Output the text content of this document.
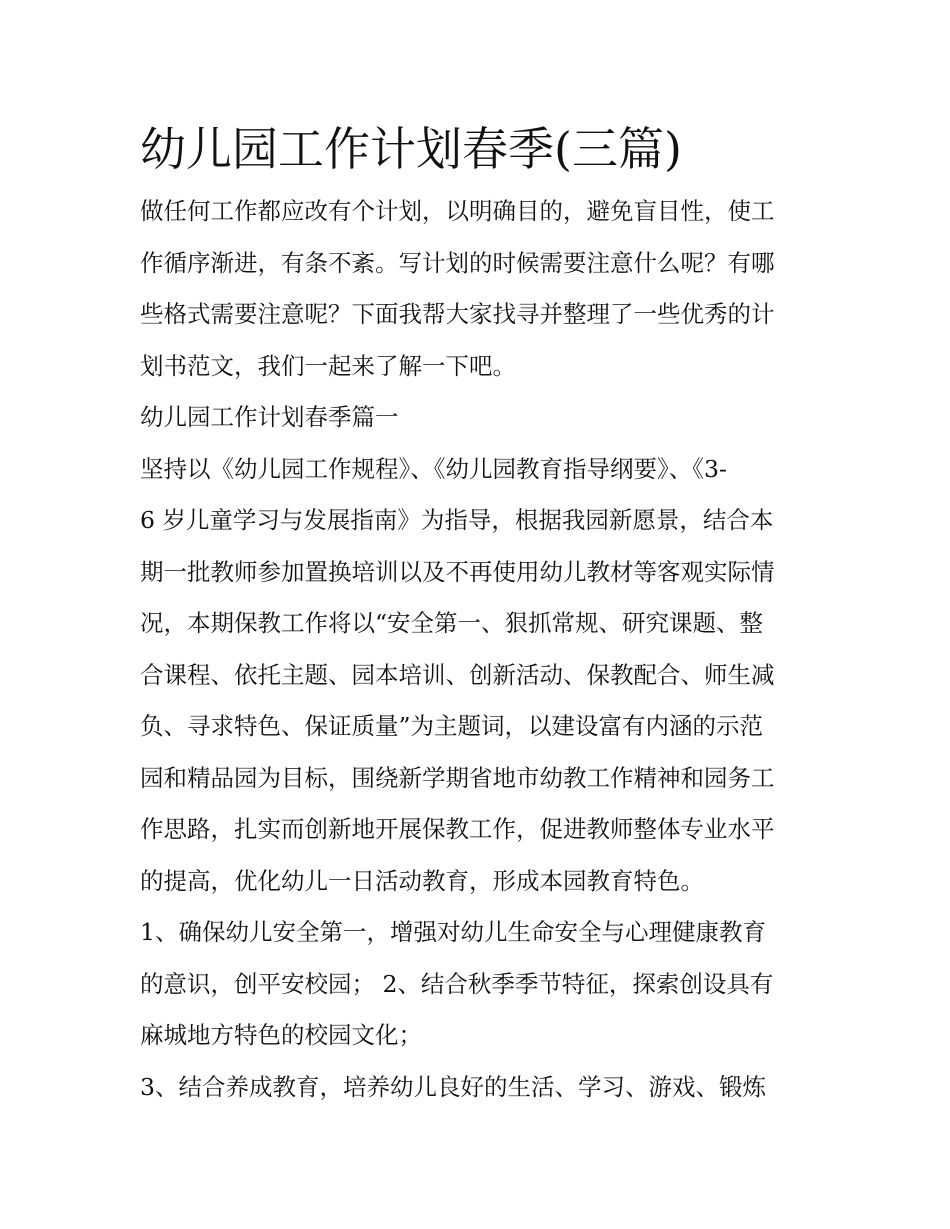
幼儿园工作计划春季(三篇)

做任何工作都应改有个计划，以明确目的，避免盲目性，使工
作循序渐进，有条不紊。写计划的时候需要注意什么呢？有哪
些格式需要注意呢？下面我帮大家找寻并整理了一些优秀的计
划书范文，我们一起来了解一下吧。

幼儿园工作计划春季篇一

坚持以《幼儿园工作规程》、《幼儿园教育指导纲要》、《3-
6 岁儿童学习与发展指南》为指导，根据我园新愿景，结合本
期一批教师参加置换培训以及不再使用幼儿教材等客观实际情
况，本期保教工作将以“安全第一、狠抓常规、研究课题、整
合课程、依托主题、园本培训、创新活动、保教配合、师生减
负、寻求特色、保证质量”为主题词，以建设富有内涵的示范
园和精品园为目标，围绕新学期省地市幼教工作精神和园务工
作思路，扎实而创新地开展保教工作，促进教师整体专业水平
的提高，优化幼儿一日活动教育，形成本园教育特色。

1、确保幼儿安全第一，增强对幼儿生命安全与心理健康教育
的意识，创平安校园； 2、结合秋季季节特征，探索创设具有
麻城地方特色的校园文化；

3、结合养成教育，培养幼儿良好的生活、学习、游戏、锻炼
